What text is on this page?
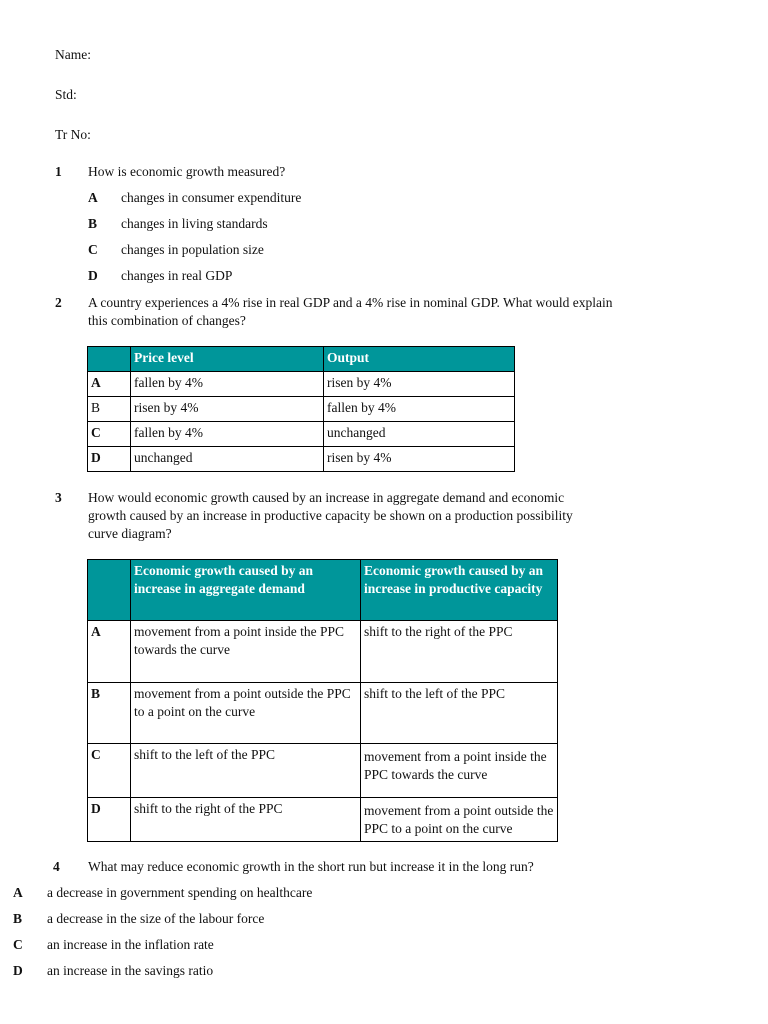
Name:
Std:
Tr No:
1 How is economic growth measured?
A changes in consumer expenditure
B changes in living standards
C changes in population size
D changes in real GDP
2 A country experiences a 4% rise in real GDP and a 4% rise in nominal GDP. What would explain
this combination of changes?
	Price level	Output
A	fallen by 4%	risen by 4%
B	risen by 4%	fallen by 4%
C	fallen by 4%	unchanged
D	unchanged	risen by 4%
3 How would economic growth caused by an increase in aggregate demand and economic
growth caused by an increase in productive capacity be shown on a production possibility
curve diagram?
	Economic growth caused by an increase in aggregate demand	Economic growth caused by an increase in productive capacity
A	movement from a point inside the PPC towards the curve	shift to the right of the PPC
B	movement from a point outside the PPC to a point on the curve	shift to the left of the PPC
C	shift to the left of the PPC	movement from a point inside the PPC towards the curve
D	shift to the right of the PPC	movement from a point outside the PPC to a point on the curve
4 What may reduce economic growth in the short run but increase it in the long run?
A a decrease in government spending on healthcare
B a decrease in the size of the labour force
C an increase in the inflation rate
D an increase in the savings ratio
